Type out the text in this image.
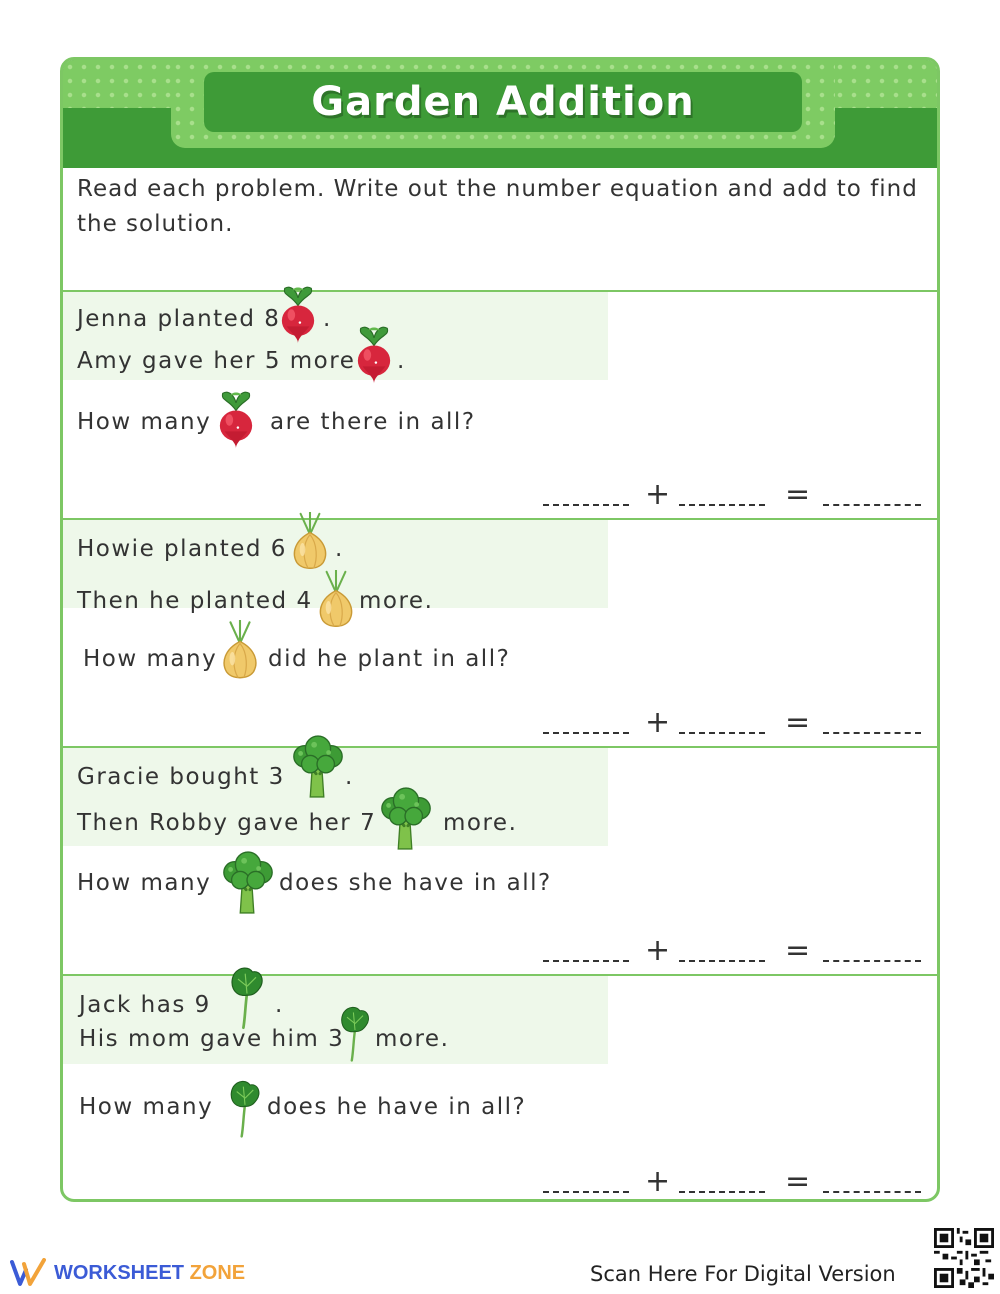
Garden Addition
Read each problem. Write out the number equation and add to find the solution.
Jenna planted 8 .
Amy gave her 5 more .
How many	are there in all?
+	=
Howie planted 6 .
Then he planted 4 more.
How many did he plant in all?
+	=
Gracie bought 3	.
Then Robby gave her 7	more.
How many	does she have in all?
+	=
Jack has 9	.
His mom gave him 3 more.
How many does he have in all?
+	=
WORKSHEET ZONE	Scan Here For Digital Version
